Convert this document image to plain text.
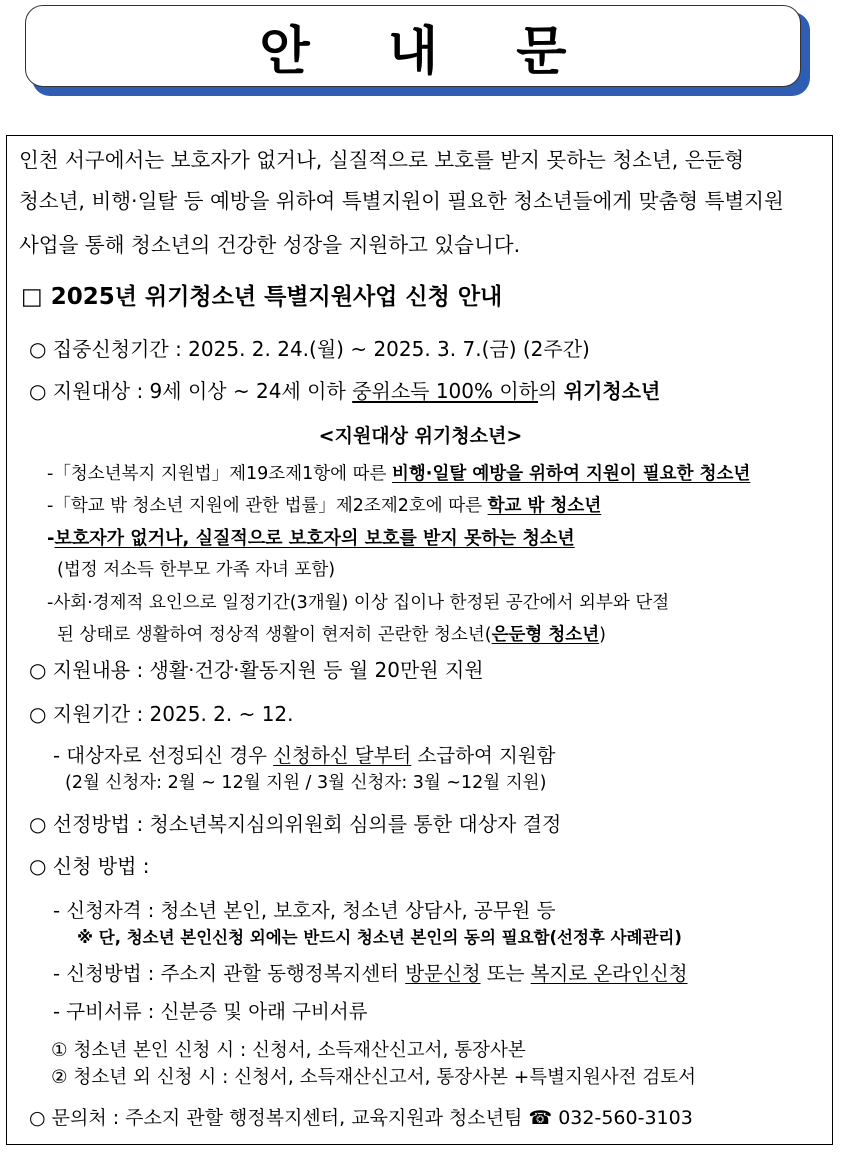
안 내 문
인천 서구에서는 보호자가 없거나, 실질적으로 보호를 받지 못하는 청소년, 은둔형
청소년, 비행·일탈 등 예방을 위하여 특별지원이 필요한 청소년들에게 맞춤형 특별지원
사업을 통해 청소년의 건강한 성장을 지원하고 있습니다.
□ 2025년 위기청소년 특별지원사업 신청 안내
○ 집중신청기간 : 2025. 2. 24.(월) ~ 2025. 3. 7.(금) (2주간)
○ 지원대상 : 9세 이상 ~ 24세 이하 중위소득 100% 이하의 위기청소년
<지원대상 위기청소년>
-「청소년복지 지원법」제19조제1항에 따른 비행·일탈 예방을 위하여 지원이 필요한 청소년
-「학교 밖 청소년 지원에 관한 법률」제2조제2호에 따른 학교 밖 청소년
-보호자가 없거나, 실질적으로 보호자의 보호를 받지 못하는 청소년
(법정 저소득 한부모 가족 자녀 포함)
-사회·경제적 요인으로 일정기간(3개월) 이상 집이나 한정된 공간에서 외부와 단절
된 상태로 생활하여 정상적 생활이 현저히 곤란한 청소년(은둔형 청소년)
○ 지원내용 : 생활·건강·활동지원 등 월 20만원 지원
○ 지원기간 : 2025. 2. ~ 12.
- 대상자로 선정되신 경우 신청하신 달부터 소급하여 지원함
(2월 신청자: 2월 ~ 12월 지원 / 3월 신청자: 3월 ~12월 지원)
○ 선정방법 : 청소년복지심의위원회 심의를 통한 대상자 결정
○ 신청 방법 :
- 신청자격 : 청소년 본인, 보호자, 청소년 상담사, 공무원 등
※ 단, 청소년 본인신청 외에는 반드시 청소년 본인의 동의 필요함(선정후 사례관리)
- 신청방법 : 주소지 관할 동행정복지센터 방문신청 또는 복지로 온라인신청
- 구비서류 : 신분증 및 아래 구비서류
① 청소년 본인 신청 시 : 신청서, 소득재산신고서, 통장사본
② 청소년 외 신청 시 : 신청서, 소득재산신고서, 통장사본 +특별지원사전 검토서
○ 문의처 : 주소지 관할 행정복지센터, 교육지원과 청소년팀 ☎ 032-560-3103
